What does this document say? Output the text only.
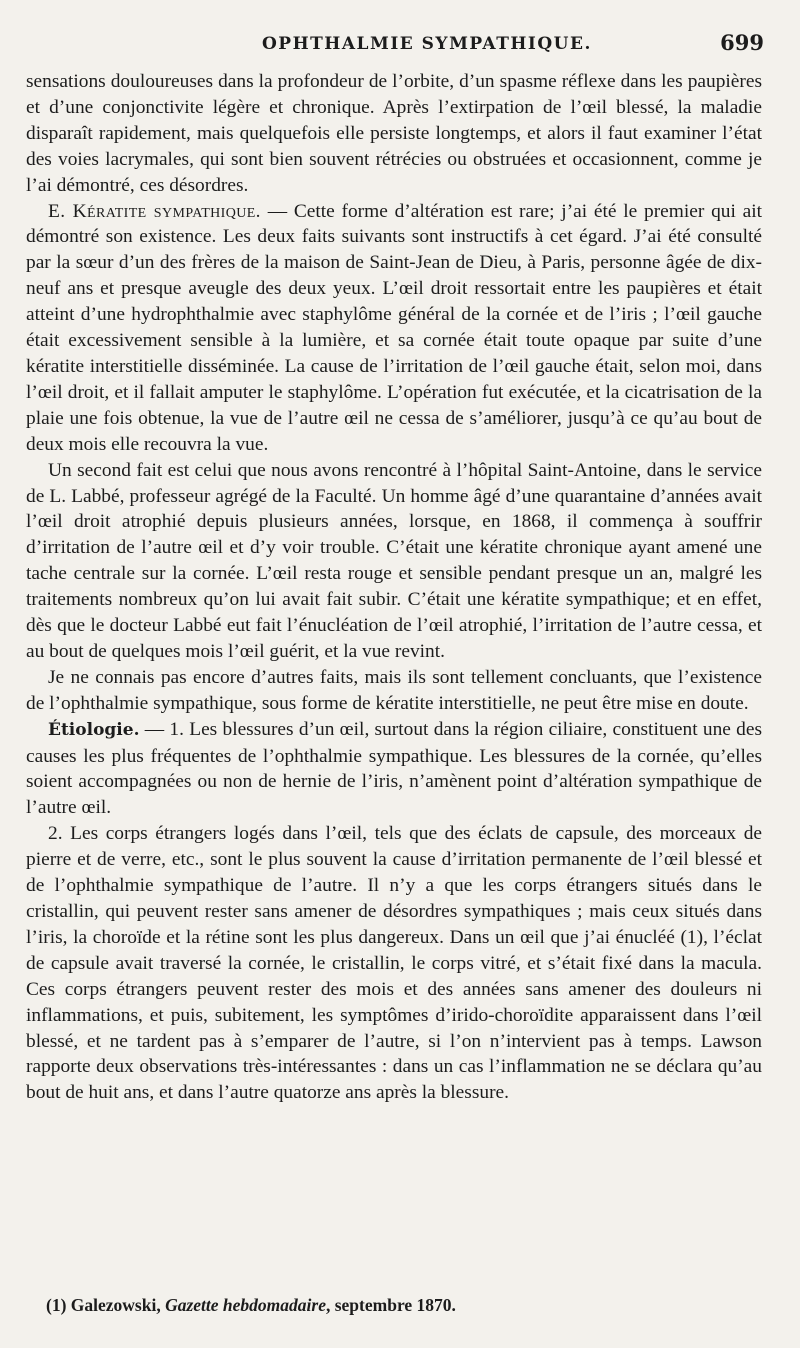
OPHTHALMIE SYMPATHIQUE.	699

sensations douloureuses dans la profondeur de l’orbite, d’un spasme réflexe dans les paupières et d’une conjonctivite légère et chronique. Après l’extirpation de l’œil blessé, la maladie disparaît rapidement, mais quelquefois elle persiste longtemps, et alors il faut examiner l’état des voies lacrymales, qui sont bien souvent rétrécies ou obstruées et occasionnent, comme je l’ai démontré, ces désordres.

E. Kératite sympathique. — Cette forme d’altération est rare; j’ai été le premier qui ait démontré son existence. Les deux faits suivants sont instructifs à cet égard. J’ai été consulté par la sœur d’un des frères de la maison de Saint-Jean de Dieu, à Paris, personne âgée de dix-neuf ans et presque aveugle des deux yeux. L’œil droit ressortait entre les paupières et était atteint d’une hydrophthalmie avec staphylôme général de la cornée et de l’iris ; l’œil gauche était excessivement sensible à la lumière, et sa cornée était toute opaque par suite d’une kératite interstitielle disséminée. La cause de l’irritation de l’œil gauche était, selon moi, dans l’œil droit, et il fallait amputer le staphylôme. L’opération fut exécutée, et la cicatrisation de la plaie une fois obtenue, la vue de l’autre œil ne cessa de s’améliorer, jusqu’à ce qu’au bout de deux mois elle recouvra la vue.

Un second fait est celui que nous avons rencontré à l’hôpital Saint-Antoine, dans le service de L. Labbé, professeur agrégé de la Faculté. Un homme âgé d’une quarantaine d’années avait l’œil droit atrophié depuis plusieurs années, lorsque, en 1868, il commença à souffrir d’irritation de l’autre œil et d’y voir trouble. C’était une kératite chronique ayant amené une tache centrale sur la cornée. L’œil resta rouge et sensible pendant presque un an, malgré les traitements nombreux qu’on lui avait fait subir. C’était une kératite sympathique; et en effet, dès que le docteur Labbé eut fait l’énucléation de l’œil atrophié, l’irritation de l’autre cessa, et au bout de quelques mois l’œil guérit, et la vue revint.

Je ne connais pas encore d’autres faits, mais ils sont tellement concluants, que l’existence de l’ophthalmie sympathique, sous forme de kératite interstitielle, ne peut être mise en doute.

Étiologie. — 1. Les blessures d’un œil, surtout dans la région ciliaire, constituent une des causes les plus fréquentes de l’ophthalmie sympathique. Les blessures de la cornée, qu’elles soient accompagnées ou non de hernie de l’iris, n’amènent point d’altération sympathique de l’autre œil.

2. Les corps étrangers logés dans l’œil, tels que des éclats de capsule, des morceaux de pierre et de verre, etc., sont le plus souvent la cause d’irritation permanente de l’œil blessé et de l’ophthalmie sympathique de l’autre. Il n’y a que les corps étrangers situés dans le cristallin, qui peuvent rester sans amener de désordres sympathiques ; mais ceux situés dans l’iris, la choroïde et la rétine sont les plus dangereux. Dans un œil que j’ai énucléé (1), l’éclat de capsule avait traversé la cornée, le cristallin, le corps vitré, et s’était fixé dans la macula. Ces corps étrangers peuvent rester des mois et des années sans amener des douleurs ni inflammations, et puis, subitement, les symptômes d’irido-choroïdite apparaissent dans l’œil blessé, et ne tardent pas à s’emparer de l’autre, si l’on n’intervient pas à temps. Lawson rapporte deux observations très-intéressantes : dans un cas l’inflammation ne se déclara qu’au bout de huit ans, et dans l’autre quatorze ans après la blessure.

(1) Galezowski, Gazette hebdomadaire, septembre 1870.
